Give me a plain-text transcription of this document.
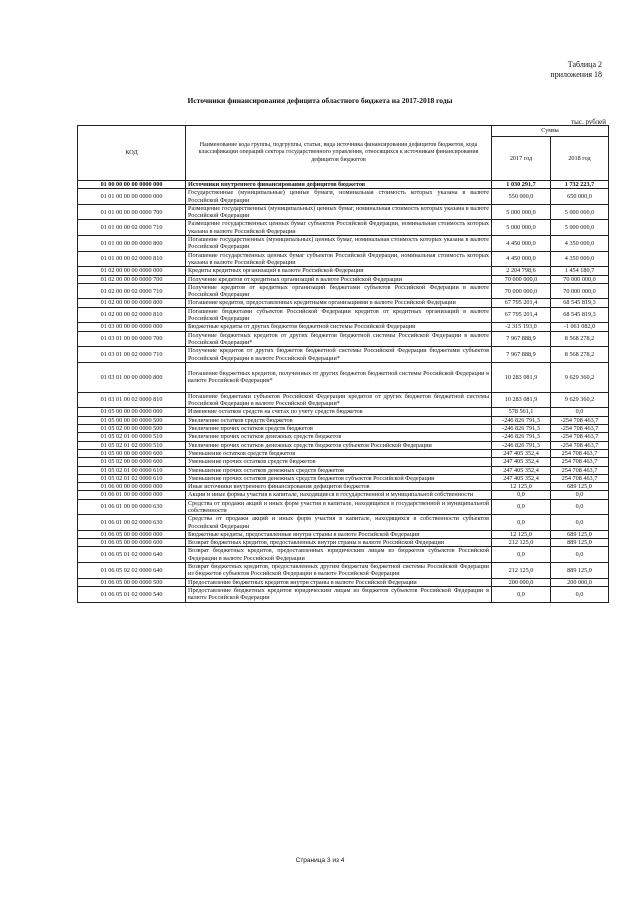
Таблица 2
приложения 18
Источники финансирования дефицита областного бюджета на 2017-2018 годы
тыс. рублей
КОД	Наименование кода группы, подгруппы, статьи, вида источника финансирования дефицитов бюджетов, кода классификации операций сектора государственного управления, относящихся к источникам финансирования дефицитов бюджетов	Сумма	
		2017 год	2018 год
01 00 00 00 00 0000 000	Источники внутреннего финансирования дефицитов бюджетов	1 030 291,7	1 732 223,7
01 01 00 00 00 0000 000	Государственные (муниципальные) ценные бумаги, номинальная стоимость которых указана в валюте Российской Федерации	550 000,0	650 000,0
01 01 00 00 00 0000 700	Размещение государственных (муниципальных) ценных бумаг, номинальная стоимость которых указана в валюте Российской Федерации	5 000 000,0	5 000 000,0
01 01 00 00 02 0000 710	Размещение государственных ценных бумаг субъектов Российской Федерации, номинальная стоимость которых указана в валюте Российской Федерации	5 000 000,0	5 000 000,0
01 01 00 00 00 0000 800	Погашение государственных (муниципальных) ценных бумаг, номинальная стоимость которых указана в валюте Российской Федерации	4 450 000,0	4 350 000,0
01 01 00 00 02 0000 810	Погашение государственных ценных бумаг субъектов Российской Федерации, номинальная стоимость которых указана в валюте Российской Федерации	4 450 000,0	4 350 000,0
01 02 00 00 00 0000 000	Кредиты кредитных организаций в валюте Российской Федерации	2 204 798,6	1 454 180,7
01 02 00 00 00 0000 700	Получение кредитов от кредитных организаций в валюте Российской Федерации	70 000 000,0	70 000 000,0
01 02 00 00 02 0000 710	Получение кредитов от кредитных организаций бюджетами субъектов Российской Федерации в валюте Российской Федерации	70 000 000,0	70 000 000,0
01 02 00 00 00 0000 800	Погашение кредитов, предоставленных кредитными организациями в валюте Российской Федерации	67 795 201,4	68 545 819,3
01 02 00 00 02 0000 810	Погашение бюджетами субъектов Российской Федерации кредитов от кредитных организаций в валюте Российской Федерации	67 795 201,4	68 545 819,3
01 03 00 00 00 0000 000	Бюджетные кредиты от других бюджетов бюджетной системы Российской Федерации	-2 315 193,0	-1 061 082,0
01 03 01 00 00 0000 700	Получение бюджетных кредитов от других бюджетов бюджетной системы Российской Федерации в валюте Российской Федерации*	7 967 888,9	8 568 278,2
01 03 01 00 02 0000 710	Получение кредитов от других бюджетов бюджетной системы Российской Федерации бюджетами субъектов Российской Федерации в валюте Российской Федерации*	7 967 888,9	8 568 278,2
01 03 01 00 00 0000 800	Погашение бюджетных кредитов, полученных от других бюджетов бюджетной системы Российской Федерации в валюте Российской Федерации*	10 283 081,9	9 629 360,2
01 03 01 00 02 0000 810	Погашение бюджетами субъектов Российской Федерации кредитов от других бюджетов бюджетной системы Российской Федерации в валюте Российской Федерации*	10 283 081,9	9 629 360,2
01 05 00 00 00 0000 000	Изменение остатков средств на счетах по учету средств бюджетов	578 561,1	0,0
01 05 00 00 00 0000 500	Увеличение остатков средств бюджетов	-246 826 791,3	-254 708 463,7
01 05 02 00 00 0000 500	Увеличение прочих остатков средств бюджетов	-246 826 791,3	-254 708 463,7
01 05 02 01 00 0000 510	Увеличение прочих остатков денежных средств бюджетов	-246 826 791,3	-254 708 463,7
01 05 02 01 02 0000 510	Увеличение прочих остатков денежных средств бюджетов субъектов Российской Федерации	-246 826 791,3	-254 708 463,7
01 05 00 00 00 0000 600	Уменьшение остатков средств бюджетов	247 405 352,4	254 708 463,7
01 05 02 00 00 0000 600	Уменьшение прочих остатков средств бюджетов	247 405 352,4	254 708 463,7
01 05 02 01 00 0000 610	Уменьшение прочих остатков денежных средств бюджетов	247 405 352,4	254 708 463,7
01 05 02 01 02 0000 610	Уменьшение прочих остатков денежных средств бюджетов субъектов Российской Федерации	247 405 352,4	254 708 463,7
01 06 00 00 00 0000 000	Иные источники внутреннего финансирования дефицитов бюджетов	12 125,0	689 125,0
01 06 01 00 00 0000 000	Акции и иные формы участия в капитале, находящиеся в государственной и муниципальной собственности	0,0	0,0
01 06 01 00 00 0000 630	Средства от продажи акций и иных форм участия в капитале, находящихся в государственной и муниципальной собственности	0,0	0,0
01 06 01 00 02 0000 630	Средства от продажи акций и иных форм участия в капитале, находящихся в собственности субъектов Российской Федерации	0,0	0,0
01 06 05 00 00 0000 000	Бюджетные кредиты, предоставленные внутри страны в валюте Российской Федерации	12 125,0	689 125,0
01 06 05 00 00 0000 600	Возврат бюджетных кредитов, предоставленных внутри страны в валюте Российской Федерации	212 125,0	889 125,0
01 06 05 01 02 0000 640	Возврат бюджетных кредитов, предоставленных юридическим лицам из бюджетов субъектов Российской Федерации в валюте Российской Федерации	0,0	0,0
01 06 05 02 02 0000 640	Возврат бюджетных кредитов, предоставленных другим бюджетам бюджетной системы Российской Федерации из бюджетов субъектов Российской Федерации в валюте Российской Федерации	212 125,0	889 125,0
01 06 05 00 00 0000 500	Предоставление бюджетных кредитов внутри страны в валюте Российской Федерации	200 000,0	200 000,0
01 06 05 01 02 0000 540	Предоставление бюджетных кредитов юридическим лицам из бюджетов субъектов Российской Федерации в валюте Российской Федерации	0,0	0,0
Страница 3 из 4
